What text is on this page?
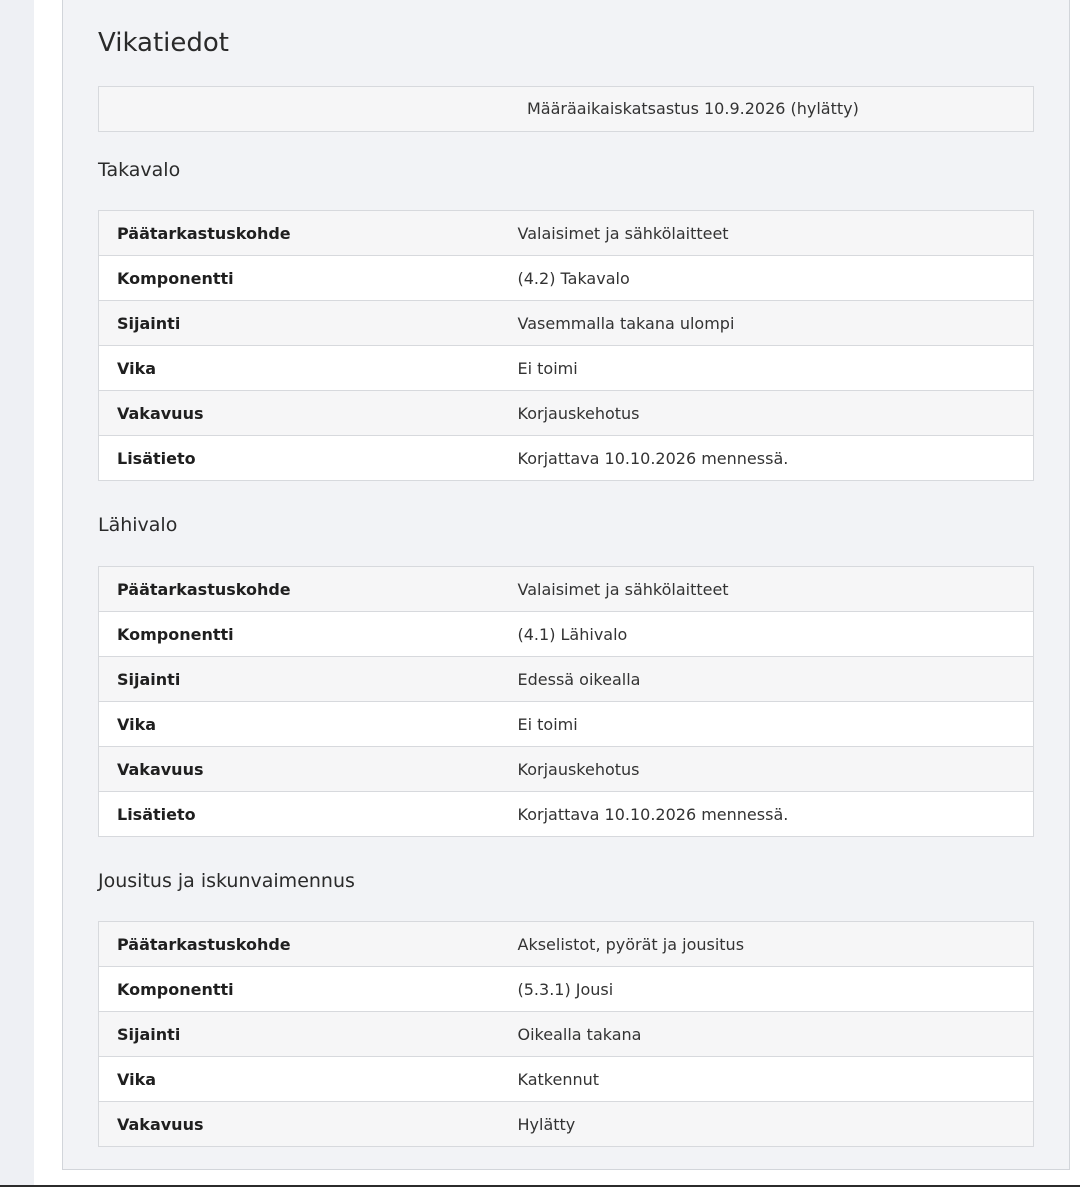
Vikatiedot
Määräaikaiskatsastus 10.9.2026 (hylätty)
Takavalo
Päätarkastuskohde	Valaisimet ja sähkölaitteet
Komponentti	(4.2) Takavalo
Sijainti	Vasemmalla takana ulompi
Vika	Ei toimi
Vakavuus	Korjauskehotus
Lisätieto	Korjattava 10.10.2026 mennessä.
Lähivalo
Päätarkastuskohde	Valaisimet ja sähkölaitteet
Komponentti	(4.1) Lähivalo
Sijainti	Edessä oikealla
Vika	Ei toimi
Vakavuus	Korjauskehotus
Lisätieto	Korjattava 10.10.2026 mennessä.
Jousitus ja iskunvaimennus
Päätarkastuskohde	Akselistot, pyörät ja jousitus
Komponentti	(5.3.1) Jousi
Sijainti	Oikealla takana
Vika	Katkennut
Vakavuus	Hylätty
